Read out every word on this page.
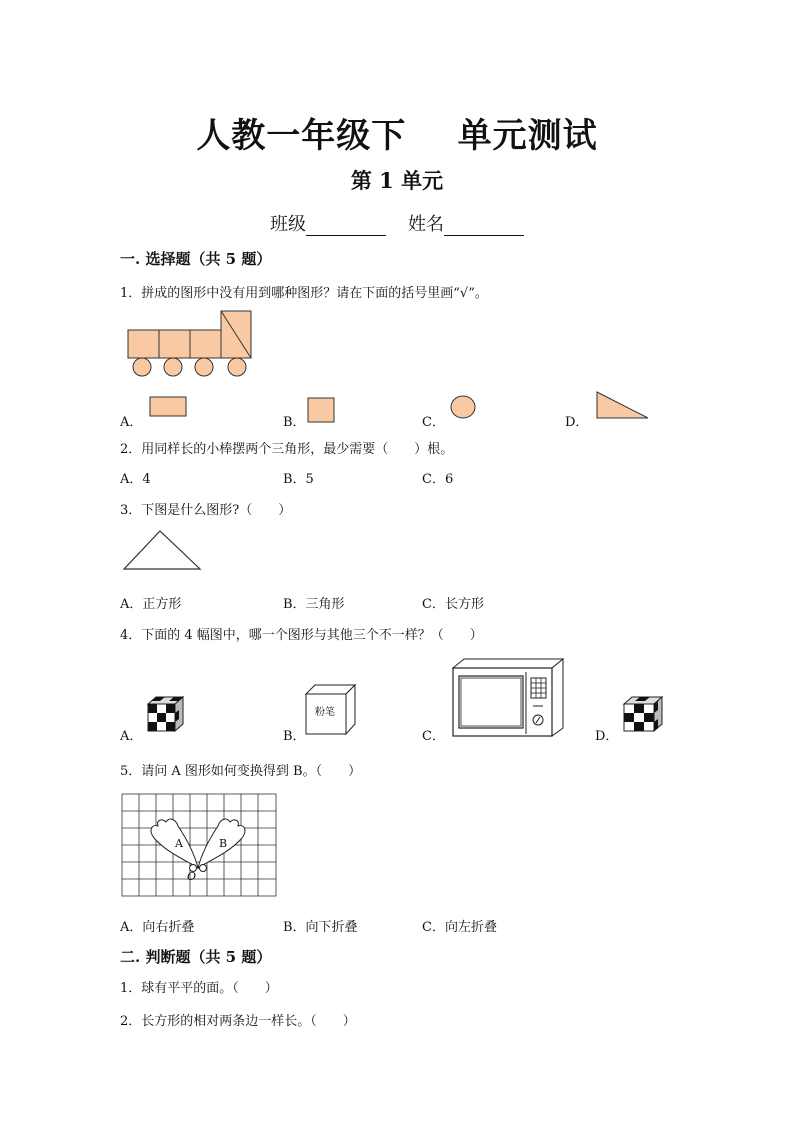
人教一年级下    单元测试
第 1 单元
班级	姓名
一. 选择题（共 5 题）
1．拼成的图形中没有用到哪种图形？请在下面的括号里画“√”。
A．	B．	C．	D．
2．用同样长的小棒摆两个三角形，最少需要（　　）根。
A．4	B．5	C．6
3．下图是什么图形?（　　）
A．正方形	B．三角形	C．长方形
4．下面的 4 幅图中，哪一个图形与其他三个不一样？（　　）
A．	B．
粉笔
C．	D．
5．请问 A 图形如何变换得到 B。（　　）
A	B
O
A．向右折叠	B．向下折叠	C．向左折叠
二. 判断题（共 5 题）
1．球有平平的面。（　　）
2．长方形的相对两条边一样长。（　　）
